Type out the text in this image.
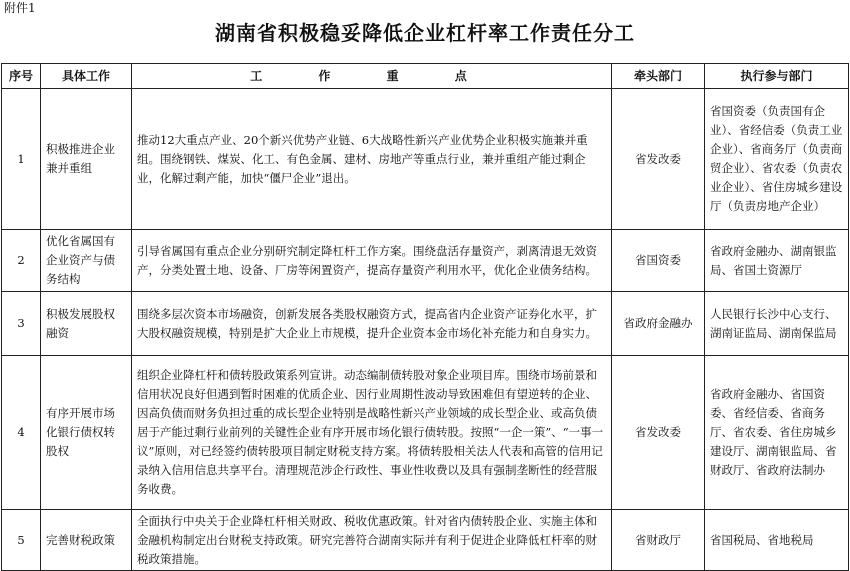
附件1
湖南省积极稳妥降低企业杠杆率工作责任分工
序号	具体工作	工 作 重 点	牵头部门	执行参与部门
1	积极推进企业兼并重组	推动12大重点产业、20个新兴优势产业链、6大战略性新兴产业优势企业积极实施兼并重组。围绕钢铁、煤炭、化工、有色金属、建材、房地产等重点行业，兼并重组产能过剩企业，化解过剩产能，加快“僵尸企业”退出。	省发改委	省国资委（负责国有企业）、省经信委（负责工业企业）、省商务厅（负责商贸企业）、省农委（负责农业企业）、省住房城乡建设厅（负责房地产企业）
2	优化省属国有企业资产与债务结构	引导省属国有重点企业分别研究制定降杠杆工作方案。围绕盘活存量资产，剥离清退无效资产，分类处置土地、设备、厂房等闲置资产，提高存量资产利用水平，优化企业债务结构。	省国资委	省政府金融办、湖南银监局、省国土资源厅
3	积极发展股权融资	围绕多层次资本市场融资，创新发展各类股权融资方式，提高省内企业资产证券化水平，扩大股权融资规模，特别是扩大企业上市规模，提升企业资本金市场化补充能力和自身实力。	省政府金融办	人民银行长沙中心支行、湖南证监局、湖南保监局
4	有序开展市场化银行债权转股权	组织企业降杠杆和债转股政策系列宣讲。动态编制债转股对象企业项目库。围绕市场前景和信用状况良好但遇到暂时困难的优质企业、因行业周期性波动导致困难但有望逆转的企业、因高负债而财务负担过重的成长型企业特别是战略性新兴产业领域的成长型企业、或高负债居于产能过剩行业前列的关键性企业有序开展市场化银行债转股。按照“一企一策”、“一事一议”原则，对已经签约债转股项目制定财税支持方案。将债转股相关法人代表和高管的信用记录纳入信用信息共享平台。清理规范涉企行政性、事业性收费以及具有强制垄断性的经营服务收费。	省发改委	省政府金融办、省国资委、省经信委、省商务厅、省农委、省住房城乡建设厅、湖南银监局、省财政厅、省政府法制办
5	完善财税政策	全面执行中央关于企业降杠杆相关财政、税收优惠政策。针对省内债转股企业、实施主体和金融机构制定出台财税支持政策。研究完善符合湖南实际并有利于促进企业降低杠杆率的财税政策措施。	省财政厅	省国税局、省地税局
